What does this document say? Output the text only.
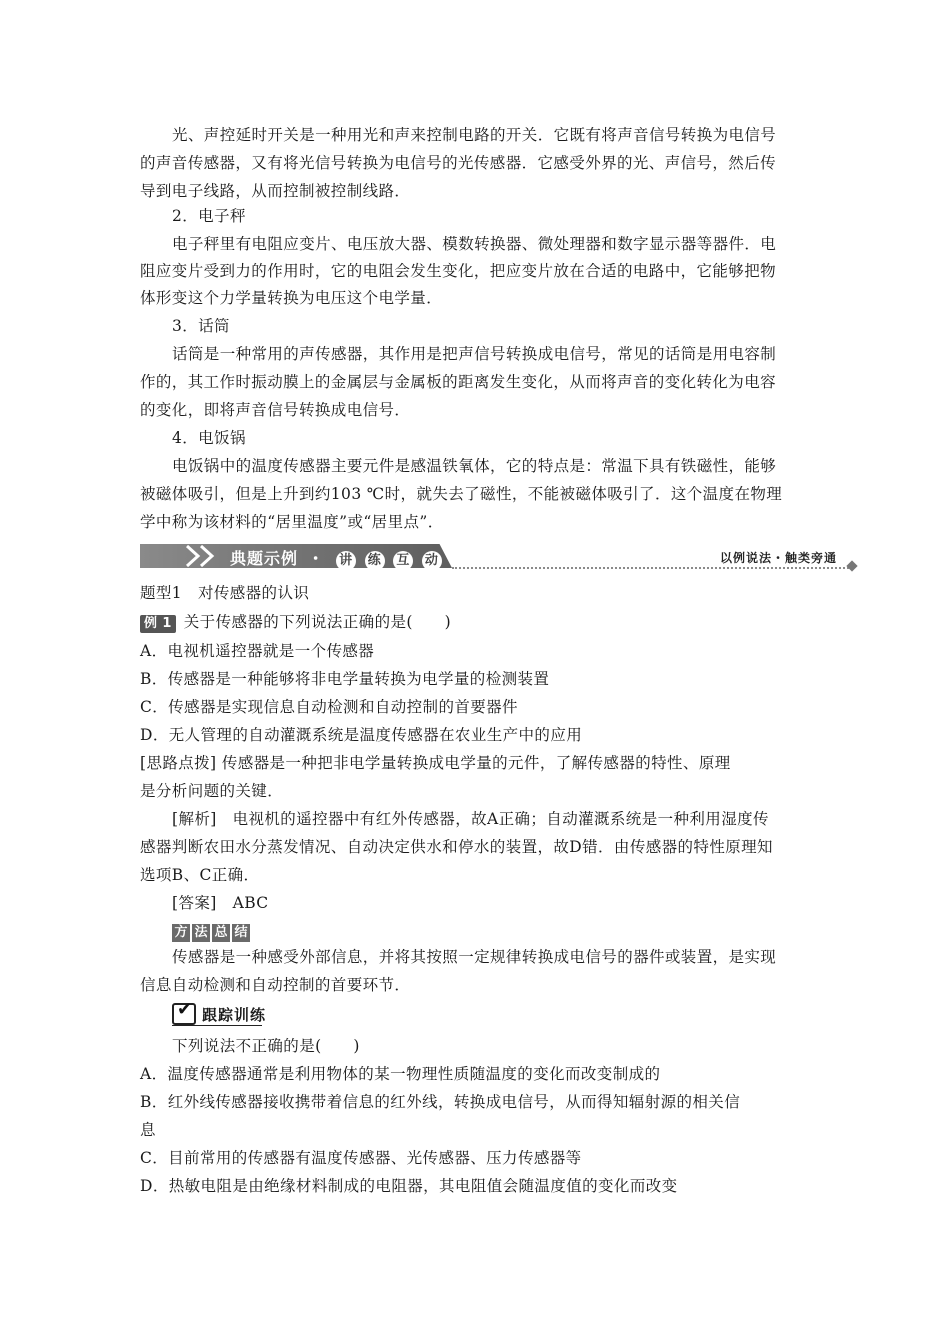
光、声控延时开关是一种用光和声来控制电路的开关．它既有将声音信号转换为电信号
的声音传感器，又有将光信号转换为电信号的光传感器．它感受外界的光、声信号，然后传
导到电子线路，从而控制被控制线路．
2．电子秤
电子秤里有电阻应变片、电压放大器、模数转换器、微处理器和数字显示器等器件．电
阻应变片受到力的作用时，它的电阻会发生变化，把应变片放在合适的电路中，它能够把物
体形变这个力学量转换为电压这个电学量．
3．话筒
话筒是一种常用的声传感器，其作用是把声信号转换成电信号，常见的话筒是用电容制
作的，其工作时振动膜上的金属层与金属板的距离发生变化，从而将声音的变化转化为电容
的变化，即将声音信号转换成电信号．
4．电饭锅
电饭锅中的温度传感器主要元件是感温铁氧体，它的特点是：常温下具有铁磁性，能够
被磁体吸引，但是上升到约103 ℃时，就失去了磁性，不能被磁体吸引了．这个温度在物理
学中称为该材料的“居里温度”或“居里点”．
典题示例 ・ 讲 练 互 动	以例说法・触类旁通
题型1　对传感器的认识
例 1 关于传感器的下列说法正确的是(　　)
A．电视机遥控器就是一个传感器
B．传感器是一种能够将非电学量转换为电学量的检测装置
C．传感器是实现信息自动检测和自动控制的首要器件
D．无人管理的自动灌溉系统是温度传感器在农业生产中的应用
[思路点拨] 传感器是一种把非电学量转换成电学量的元件，了解传感器的特性、原理
是分析问题的关键．
[解析]　电视机的遥控器中有红外传感器，故A正确；自动灌溉系统是一种利用湿度传
感器判断农田水分蒸发情况、自动决定供水和停水的装置，故D错．由传感器的特性原理知
选项B、C正确．
[答案]　ABC
方 法 总 结
传感器是一种感受外部信息，并将其按照一定规律转换成电信号的器件或装置，是实现
信息自动检测和自动控制的首要环节．
✔
跟踪训练
下列说法不正确的是(　　)
A．温度传感器通常是利用物体的某一物理性质随温度的变化而改变制成的
B．红外线传感器接收携带着信息的红外线，转换成电信号，从而得知辐射源的相关信
息
C．目前常用的传感器有温度传感器、光传感器、压力传感器等
D．热敏电阻是由绝缘材料制成的电阻器，其电阻值会随温度值的变化而改变
